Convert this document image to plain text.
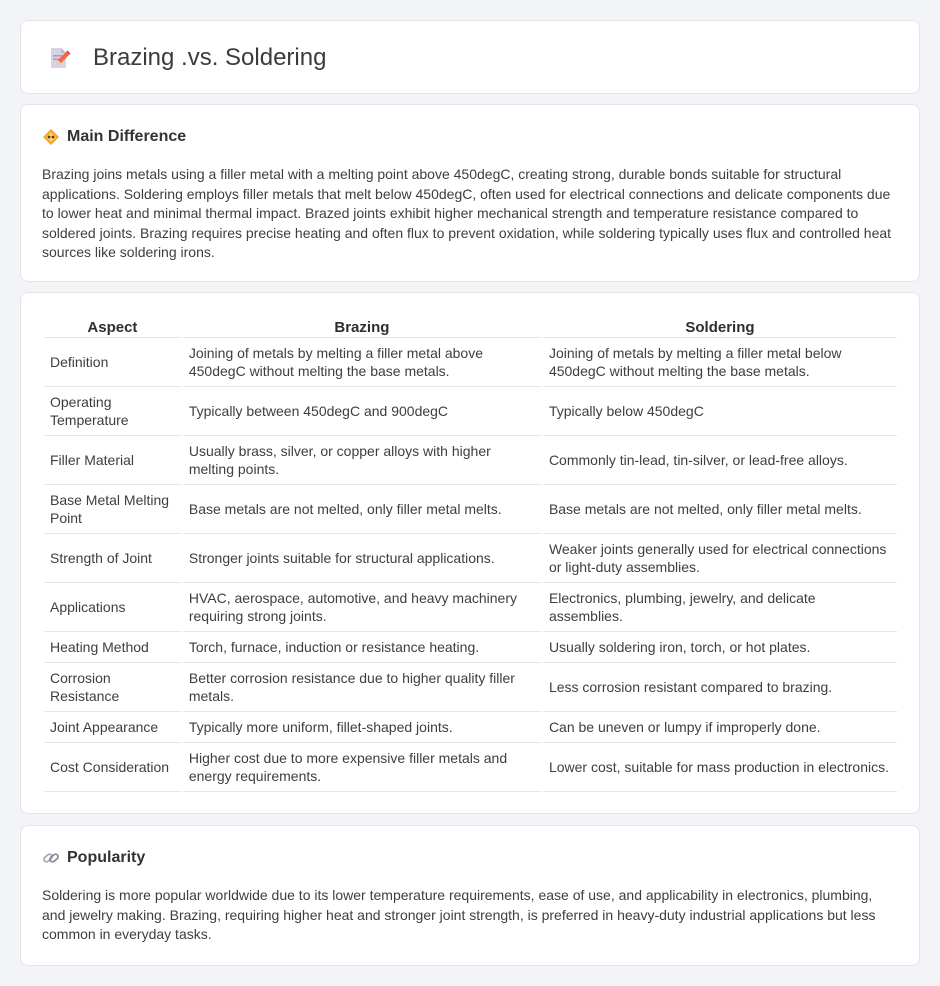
Brazing .vs. Soldering
Main Difference

Brazing joins metals using a filler metal with a melting point above 450degC, creating strong, durable bonds suitable for structural applications. Soldering employs filler metals that melt below 450degC, often used for electrical connections and delicate components due to lower heat and minimal thermal impact. Brazed joints exhibit higher mechanical strength and temperature resistance compared to soldered joints. Brazing requires precise heating and often flux to prevent oxidation, while soldering typically uses flux and controlled heat sources like soldering irons.

Aspect	Brazing	Soldering
Definition	Joining of metals by melting a filler metal above 450degC without melting the base metals.	Joining of metals by melting a filler metal below 450degC without melting the base metals.
Operating Temperature	Typically between 450degC and 900degC	Typically below 450degC
Filler Material	Usually brass, silver, or copper alloys with higher melting points.	Commonly tin-lead, tin-silver, or lead-free alloys.
Base Metal Melting Point	Base metals are not melted, only filler metal melts.	Base metals are not melted, only filler metal melts.
Strength of Joint	Stronger joints suitable for structural applications.	Weaker joints generally used for electrical connections or light-duty assemblies.
Applications	HVAC, aerospace, automotive, and heavy machinery requiring strong joints.	Electronics, plumbing, jewelry, and delicate assemblies.
Heating Method	Torch, furnace, induction or resistance heating.	Usually soldering iron, torch, or hot plates.
Corrosion Resistance	Better corrosion resistance due to higher quality filler metals.	Less corrosion resistant compared to brazing.
Joint Appearance	Typically more uniform, fillet-shaped joints.	Can be uneven or lumpy if improperly done.
Cost Consideration	Higher cost due to more expensive filler metals and energy requirements.	Lower cost, suitable for mass production in electronics.
Popularity

Soldering is more popular worldwide due to its lower temperature requirements, ease of use, and applicability in electronics, plumbing, and jewelry making. Brazing, requiring higher heat and stronger joint strength, is preferred in heavy-duty industrial applications but less common in everyday tasks.
